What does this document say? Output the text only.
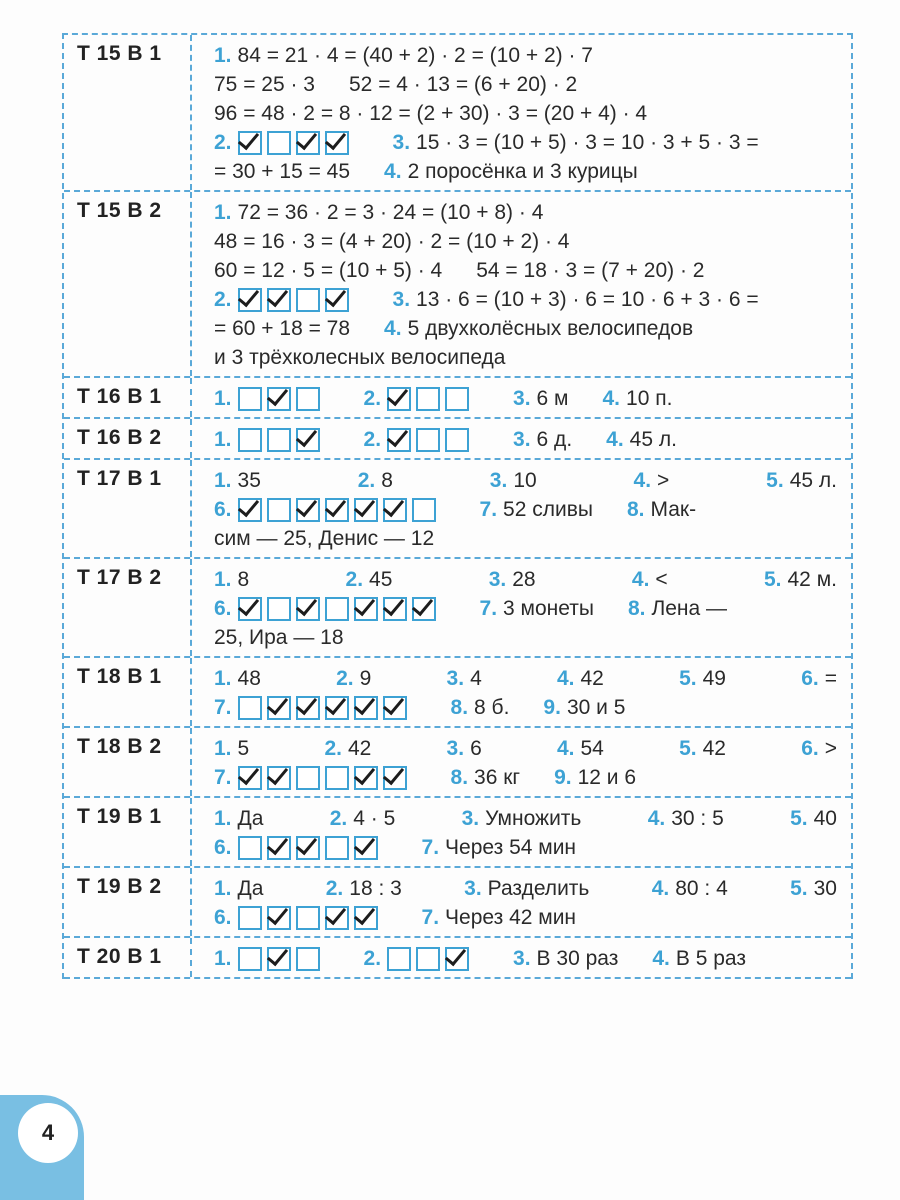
Т 15 В 1	1. 84 = 21 · 4 = (40 + 2) · 2 = (10 + 2) · 7
75 = 25 · 3 52 = 4 · 13 = (6 + 20) · 2
96 = 48 · 2 = 8 · 12 = (2 + 30) · 3 = (20 + 4) · 4
2.	3. 15 · 3 = (10 + 5) · 3 = 10 · 3 + 5 · 3 =
= 30 + 15 = 45 4. 2 поросёнка и 3 курицы
Т 15 В 2	1. 72 = 36 · 2 = 3 · 24 = (10 + 8) · 4
48 = 16 · 3 = (4 + 20) · 2 = (10 + 2) · 4
60 = 12 · 5 = (10 + 5) · 4 54 = 18 · 3 = (7 + 20) · 2
2.	3. 13 · 6 = (10 + 3) · 6 = 10 · 6 + 3 · 6 =
= 60 + 18 = 78 4. 5 двухколёсных велосипедов
и 3 трёхколесных велосипеда
Т 16 В 1	1.	2.	3. 6 м 4. 10 п.
Т 16 В 2	1.	2.	3. 6 д. 4. 45 л.
Т 17 В 1	1. 35	2. 8	3. 10	4. >	5. 45 л.
6.	7. 52 сливы 8. Мак-
сим — 25, Денис — 12
Т 17 В 2	1. 8	2. 45	3. 28	4. <	5. 42 м.
6.	7. 3 монеты 8. Лена —
25, Ира — 18
Т 18 В 1	1. 48	2. 9	3. 4	4. 42	5. 49	6. =
7.	8. 8 б. 9. 30 и 5
Т 18 В 2	1. 5	2. 42	3. 6	4. 54	5. 42	6. >
7.	8. 36 кг 9. 12 и 6
Т 19 В 1	1. Да	2. 4 · 5	3. Умножить	4. 30 : 5	5. 40
6.	7. Через 54 мин
Т 19 В 2	1. Да	2. 18 : 3	3. Разделить	4. 80 : 4	5. 30
6.	7. Через 42 мин
Т 20 В 1	1.	2.	3. В 30 раз 4. В 5 раз
4
